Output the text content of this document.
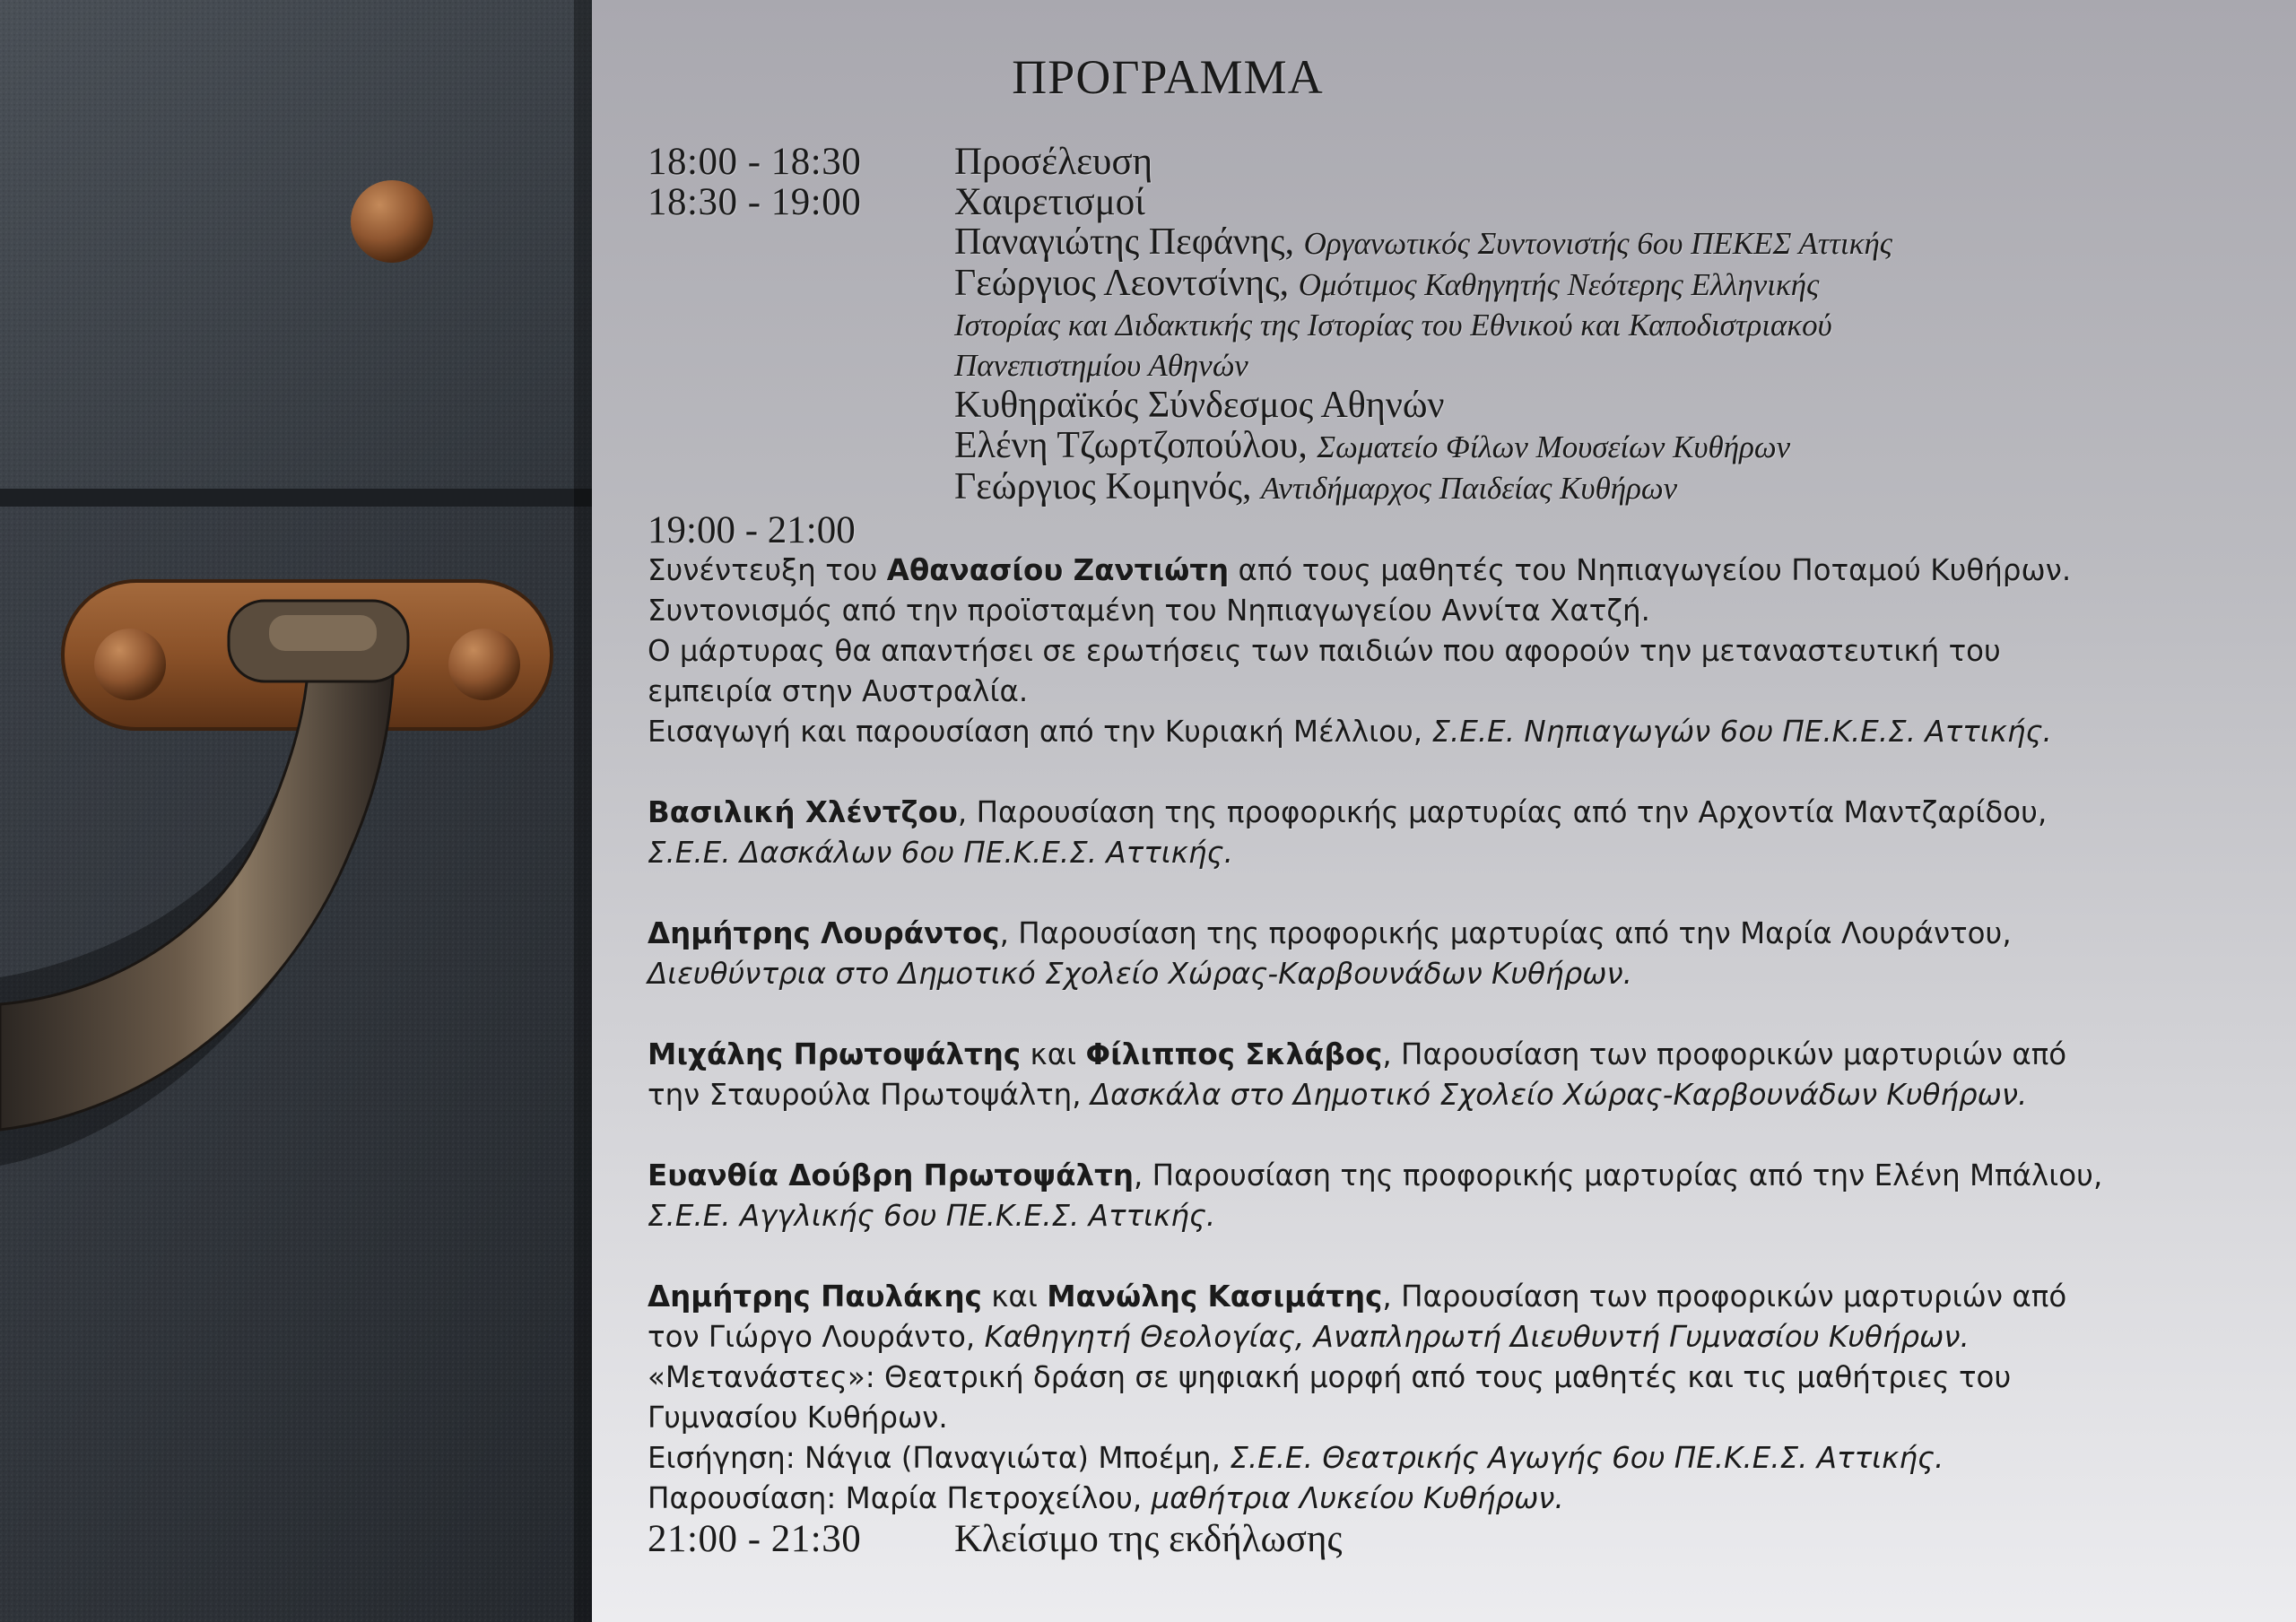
ΠΡΟΓΡΑΜΜΑ
18:00 - 18:30	Προσέλευση
18:30 - 19:00	Χαιρετισμοί
Παναγιώτης Πεφάνης, Οργανωτικός Συντονιστής 6ου ΠΕΚΕΣ Αττικής
Γεώργιος Λεοντσίνης, Ομότιμος Καθηγητής Νεότερης Ελληνικής
Ιστορίας και Διδακτικής της Ιστορίας του Εθνικού και Καποδιστριακού
Πανεπιστημίου Αθηνών
Κυθηραϊκός Σύνδεσμος Αθηνών
Ελένη Τζωρτζοπούλου, Σωματείο Φίλων Μουσείων Κυθήρων
Γεώργιος Κομηνός, Αντιδήμαρχος Παιδείας Κυθήρων
19:00 - 21:00
Συνέντευξη του Αθανασίου Ζαντιώτη από τους μαθητές του Νηπιαγωγείου Ποταμού Κυθήρων.
Συντονισμός από την προϊσταμένη του Νηπιαγωγείου Αννίτα Χατζή.
Ο μάρτυρας θα απαντήσει σε ερωτήσεις των παιδιών που αφορούν την μεταναστευτική του
εμπειρία στην Αυστραλία.
Εισαγωγή και παρουσίαση από την Κυριακή Μέλλιου, Σ.Ε.Ε. Νηπιαγωγών 6ου ΠΕ.Κ.Ε.Σ. Αττικής.
Βασιλική Χλέντζου, Παρουσίαση της προφορικής μαρτυρίας από την Αρχοντία Μαντζαρίδου,
Σ.Ε.Ε. Δασκάλων 6ου ΠΕ.Κ.Ε.Σ. Αττικής.
Δημήτρης Λουράντος, Παρουσίαση της προφορικής μαρτυρίας από την Μαρία Λουράντου,
Διευθύντρια στο Δημοτικό Σχολείο Χώρας-Καρβουνάδων Κυθήρων.
Μιχάλης Πρωτοψάλτης και Φίλιππος Σκλάβος, Παρουσίαση των προφορικών μαρτυριών από
την Σταυρούλα Πρωτοψάλτη, Δασκάλα στο Δημοτικό Σχολείο Χώρας-Καρβουνάδων Κυθήρων.
Ευανθία Δούβρη Πρωτοψάλτη, Παρουσίαση της προφορικής μαρτυρίας από την Ελένη Μπάλιου,
Σ.Ε.Ε. Αγγλικής 6ου ΠΕ.Κ.Ε.Σ. Αττικής.
Δημήτρης Παυλάκης και Μανώλης Κασιμάτης, Παρουσίαση των προφορικών μαρτυριών από
τον Γιώργο Λουράντο, Καθηγητή Θεολογίας, Αναπληρωτή Διευθυντή Γυμνασίου Κυθήρων.
«Μετανάστες»: Θεατρική δράση σε ψηφιακή μορφή από τους μαθητές και τις μαθήτριες του
Γυμνασίου Κυθήρων.
Εισήγηση: Νάγια (Παναγιώτα) Μποέμη, Σ.Ε.Ε. Θεατρικής Αγωγής 6ου ΠΕ.Κ.Ε.Σ. Αττικής.
Παρουσίαση: Μαρία Πετροχείλου, μαθήτρια Λυκείου Κυθήρων.
21:00 - 21:30	Κλείσιμο της εκδήλωσης
